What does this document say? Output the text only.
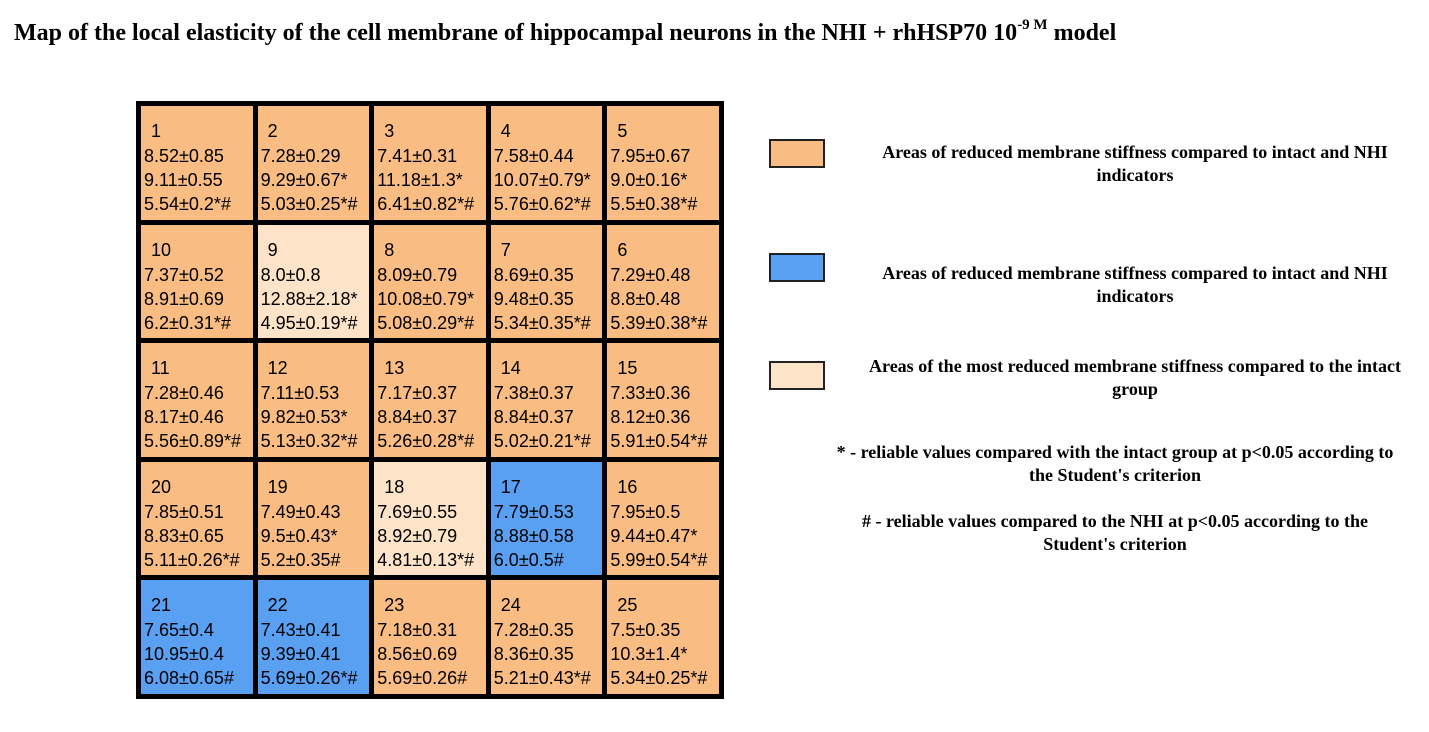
Map of the local elasticity of the cell membrane of hippocampal neurons in the NHI + rhHSP70 $10^{-9 M}$ model
1
8.52±0.85
9.11±0.55
5.54±0.2*#
2
7.28±0.29
9.29±0.67*
5.03±0.25*#
3
7.41±0.31
11.18±1.3*
6.41±0.82*#
4
7.58±0.44
10.07±0.79*
5.76±0.62*#
5
7.95±0.67
9.0±0.16*
5.5±0.38*#
10
7.37±0.52
8.91±0.69
6.2±0.31*#
9
8.0±0.8
12.88±2.18*
4.95±0.19*#
8
8.09±0.79
10.08±0.79*
5.08±0.29*#
7
8.69±0.35
9.48±0.35
5.34±0.35*#
6
7.29±0.48
8.8±0.48
5.39±0.38*#
11
7.28±0.46
8.17±0.46
5.56±0.89*#
12
7.11±0.53
9.82±0.53*
5.13±0.32*#
13
7.17±0.37
8.84±0.37
5.26±0.28*#
14
7.38±0.37
8.84±0.37
5.02±0.21*#
15
7.33±0.36
8.12±0.36
5.91±0.54*#
20
7.85±0.51
8.83±0.65
5.11±0.26*#
19
7.49±0.43
9.5±0.43*
5.2±0.35#
18
7.69±0.55
8.92±0.79
4.81±0.13*#
17
7.79±0.53
8.88±0.58
6.0±0.5#
16
7.95±0.5
9.44±0.47*
5.99±0.54*#
21
7.65±0.4
10.95±0.4
6.08±0.65#
22
7.43±0.41
9.39±0.41
5.69±0.26*#
23
7.18±0.31
8.56±0.69
5.69±0.26#
24
7.28±0.35
8.36±0.35
5.21±0.43*#
25
7.5±0.35
10.3±1.4*
5.34±0.25*#
Areas of reduced membrane stiffness compared to intact and NHI indicators
Areas of reduced membrane stiffness compared to intact and NHI indicators
Areas of the most reduced membrane stiffness compared to the intact group
* - reliable values compared with the intact group at p<0.05 according to the Student's criterion
# - reliable values compared to the NHI at p<0.05 according to the Student's criterion
